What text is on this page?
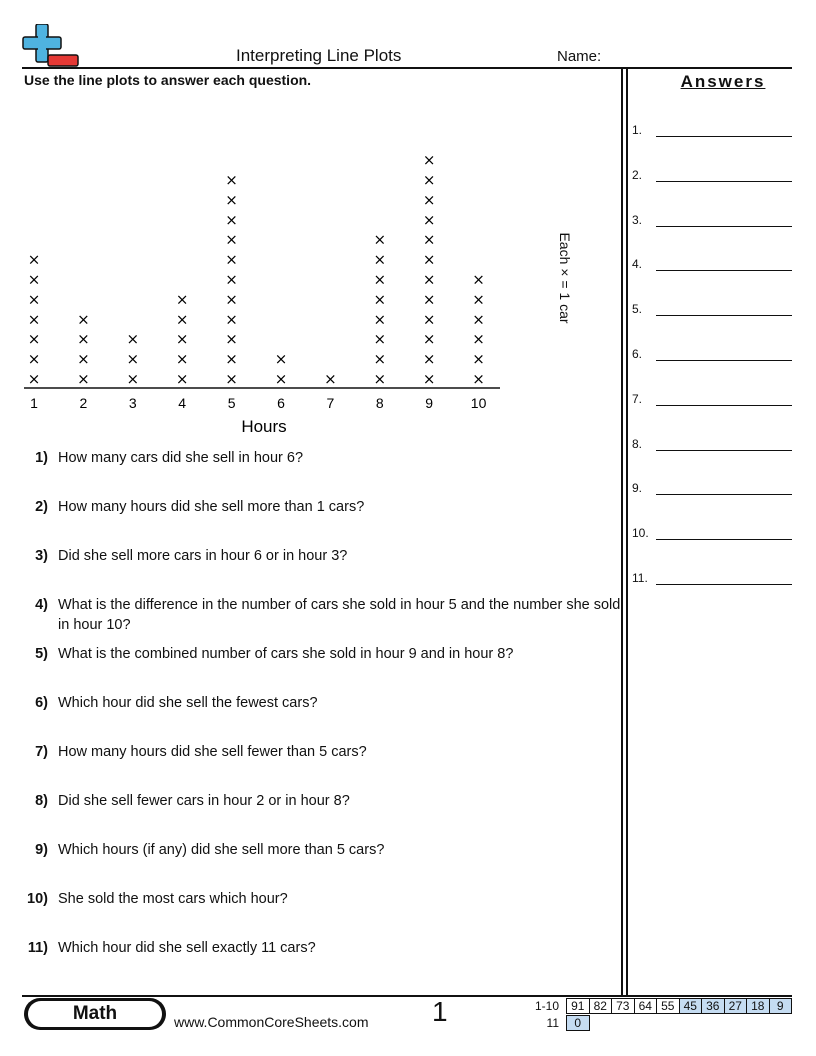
Interpreting Line Plots	Name:
Use the line plots to answer each question.	Answers
1.
2.
3.
4.
5.
6.
7.
8.
9.
10.
11.
1
×
×
×
×
×
×
×
2
×
×
×
×
3
×
×
×
4
×
×
×
×
×
5
×
×
×
×
×
×
×
×
×
×
×
6
×
×
7
×
8
×
×
×
×
×
×
×
×
9
×
×
×
×
×
×
×
×
×
×
×
×
10
×
×
×
×
×
×
Hours
Each × = 1 car
1) How many cars did she sell in hour 6?
2) How many hours did she sell more than 1 cars?
3) Did she sell more cars in hour 6 or in hour 3?
4) What is the difference in the number of cars she sold in hour 5 and the number she sold in hour 10?
5) What is the combined number of cars she sold in hour 9 and in hour 8?
6) Which hour did she sell the fewest cars?
7) How many hours did she sell fewer than 5 cars?
8) Did she sell fewer cars in hour 2 or in hour 8?
9) Which hours (if any) did she sell more than 5 cars?
10) She sold the most cars which hour?
11) Which hour did she sell exactly 11 cars?
Math	www.CommonCoreSheets.com 1	1-10	91 82 73 64 55 45 36 27 18	9
11	0
